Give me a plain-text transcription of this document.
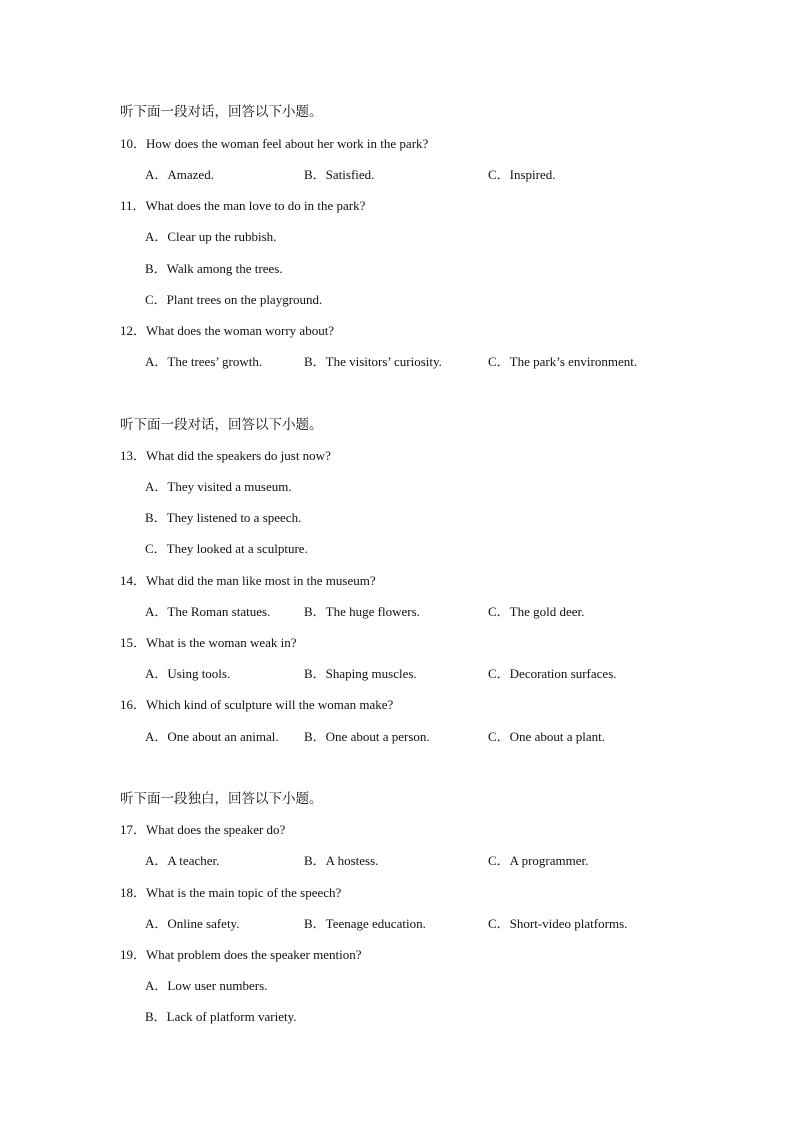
听下面一段对话，回答以下小题。
10．How does the woman feel about her work in the park?
A．Amazed.	B．Satisfied.	C．Inspired.
11．What does the man love to do in the park?
A．Clear up the rubbish.
B．Walk among the trees.
C．Plant trees on the playground.
12．What does the woman worry about?
A．The trees’ growth.	B．The visitors’ curiosity.	C．The park’s environment.
听下面一段对话，回答以下小题。
13．What did the speakers do just now?
A．They visited a museum.
B．They listened to a speech.
C．They looked at a sculpture.
14．What did the man like most in the museum?
A．The Roman statues.	B．The huge flowers.	C．The gold deer.
15．What is the woman weak in?
A．Using tools.	B．Shaping muscles.	C．Decoration surfaces.
16．Which kind of sculpture will the woman make?
A．One about an animal. B．One about a person.	C．One about a plant.
听下面一段独白，回答以下小题。
17．What does the speaker do?
A．A teacher.	B．A hostess.	C．A programmer.
18．What is the main topic of the speech?
A．Online safety.	B．Teenage education.	C．Short-video platforms.
19．What problem does the speaker mention?
A．Low user numbers.
B．Lack of platform variety.
